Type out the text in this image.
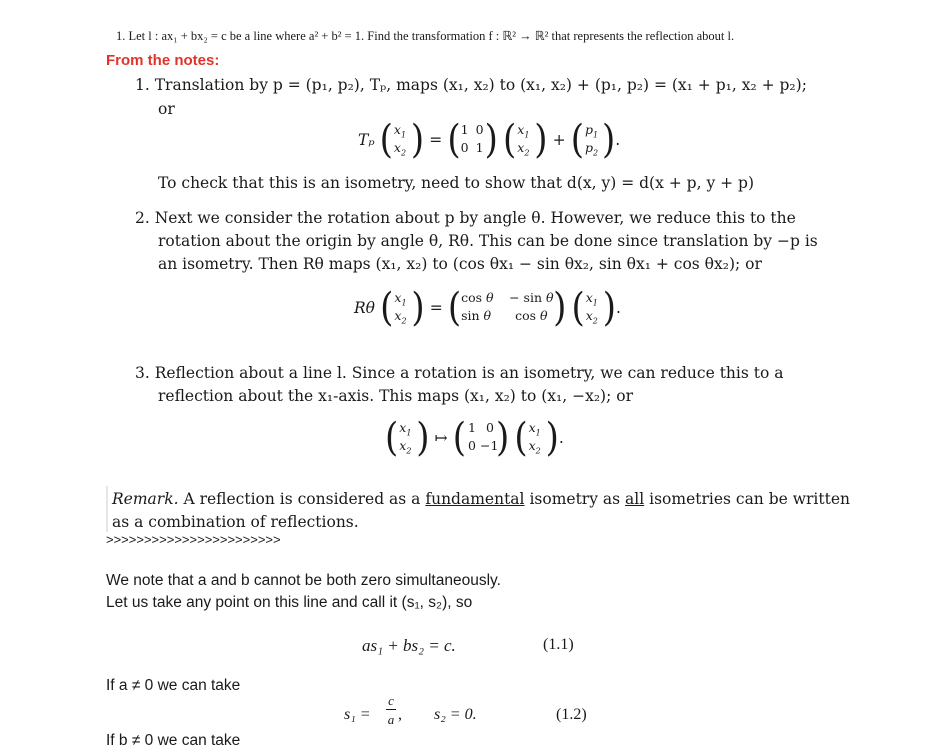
1. Let l : ax₁ + bx₂ = c be a line where a² + b² = 1. Find the transformation f : ℝ² → ℝ² that represents the reflection about l.
From the notes:
1. Translation by p = (p₁, p₂), Tₚ, maps (x₁, x₂) to (x₁, x₂) + (p₁, p₂) = (x₁ + p₁, x₂ + p₂);
or
Tₚ ( $x_1$
$x_2$ ) = ( 1 0
0 1 ) ( $x_1$
$x_2$ ) + ( $p_1$
$p_2$ ).
To check that this is an isometry, need to show that d(x, y) = d(x + p, y + p)
2. Next we consider the rotation about p by angle θ. However, we reduce this to the
rotation about the origin by angle θ, Rθ. This can be done since translation by −p is
an isometry. Then Rθ maps (x₁, x₂) to (cos θx₁ − sin θx₂, sin θx₁ + cos θx₂); or
Rθ ( $x_1$
$x_2$ ) = ( cos θ − sin θ
sin θ cos θ ) ( $x_1$
$x_2$ ).
3. Reflection about a line l. Since a rotation is an isometry, we can reduce this to a
reflection about the x₁-axis. This maps (x₁, x₂) to (x₁, −x₂); or
( $x_1$
$x_2$ ) ↦ ( 1 0
0 −1
) ( $x_1$
$x_2$ ).
Remark. A reflection is considered as a fundamental isometry as all isometries can be written
as a combination of reflections.
>>>>>>>>>>>>>>>>>>>>>>>
We note that a and b cannot be both zero simultaneously.
Let us take any point on this line and call it (s₁, s₂), so
as₁ + bs₂ = c.	(1.1)
If a ≠ 0 we can take
s₁ =
c
a , s₂ = 0.	(1.2)
If b ≠ 0 we can take
